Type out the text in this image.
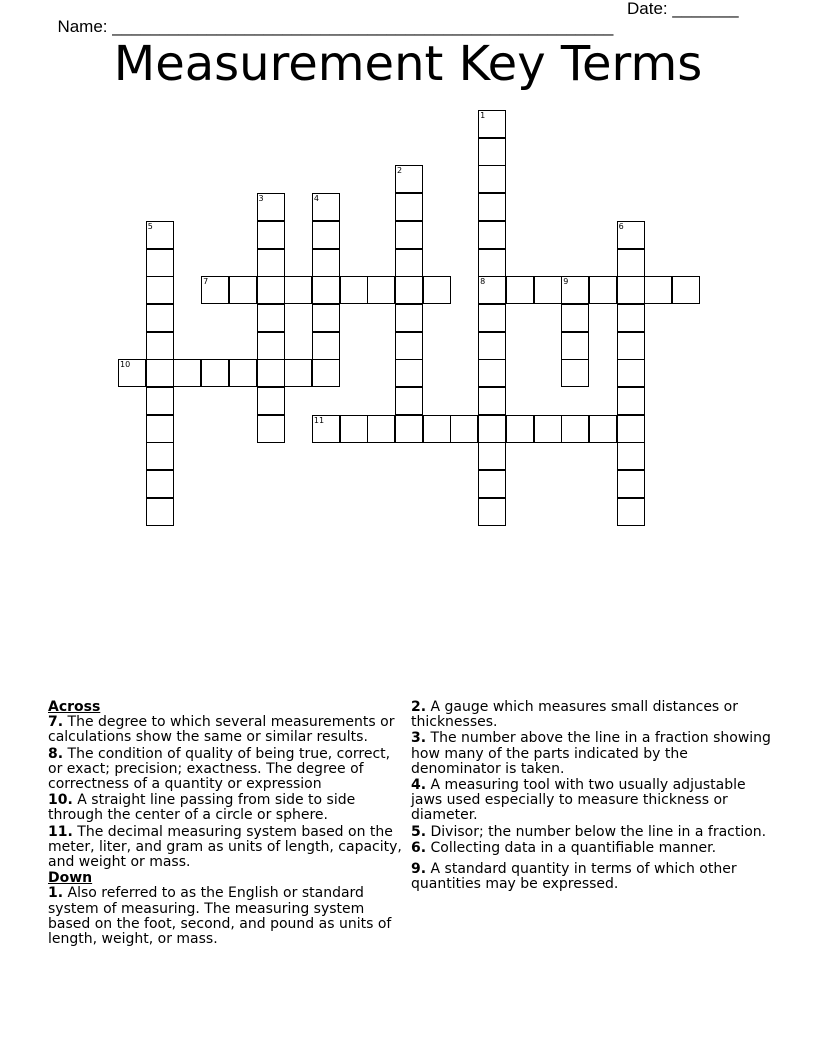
Name: _____________________________________________________

Date: _______

Measurement Key Terms
1
8
2
3	4
5	6
7	9
10
11
Across
7. The degree to which several measurements or calculations show the same or similar results.
8. The condition of quality of being true, correct, or exact; precision; exactness. The degree of correctness of a quantity or expression
10. A straight line passing from side to side through the center of a circle or sphere.
11. The decimal measuring system based on the meter, liter, and gram as units of length, capacity, and weight or mass.
Down
1. Also referred to as the English or standard system of measuring. The measuring system based on the foot, second, and pound as units of length, weight, or mass.
2. A gauge which measures small distances or thicknesses.
3. The number above the line in a fraction showing how many of the parts indicated by the denominator is taken.
4. A measuring tool with two usually adjustable jaws used especially to measure thickness or diameter.
5. Divisor; the number below the line in a fraction.
6. Collecting data in a quantifiable manner.
9. A standard quantity in terms of which other quantities may be expressed.
